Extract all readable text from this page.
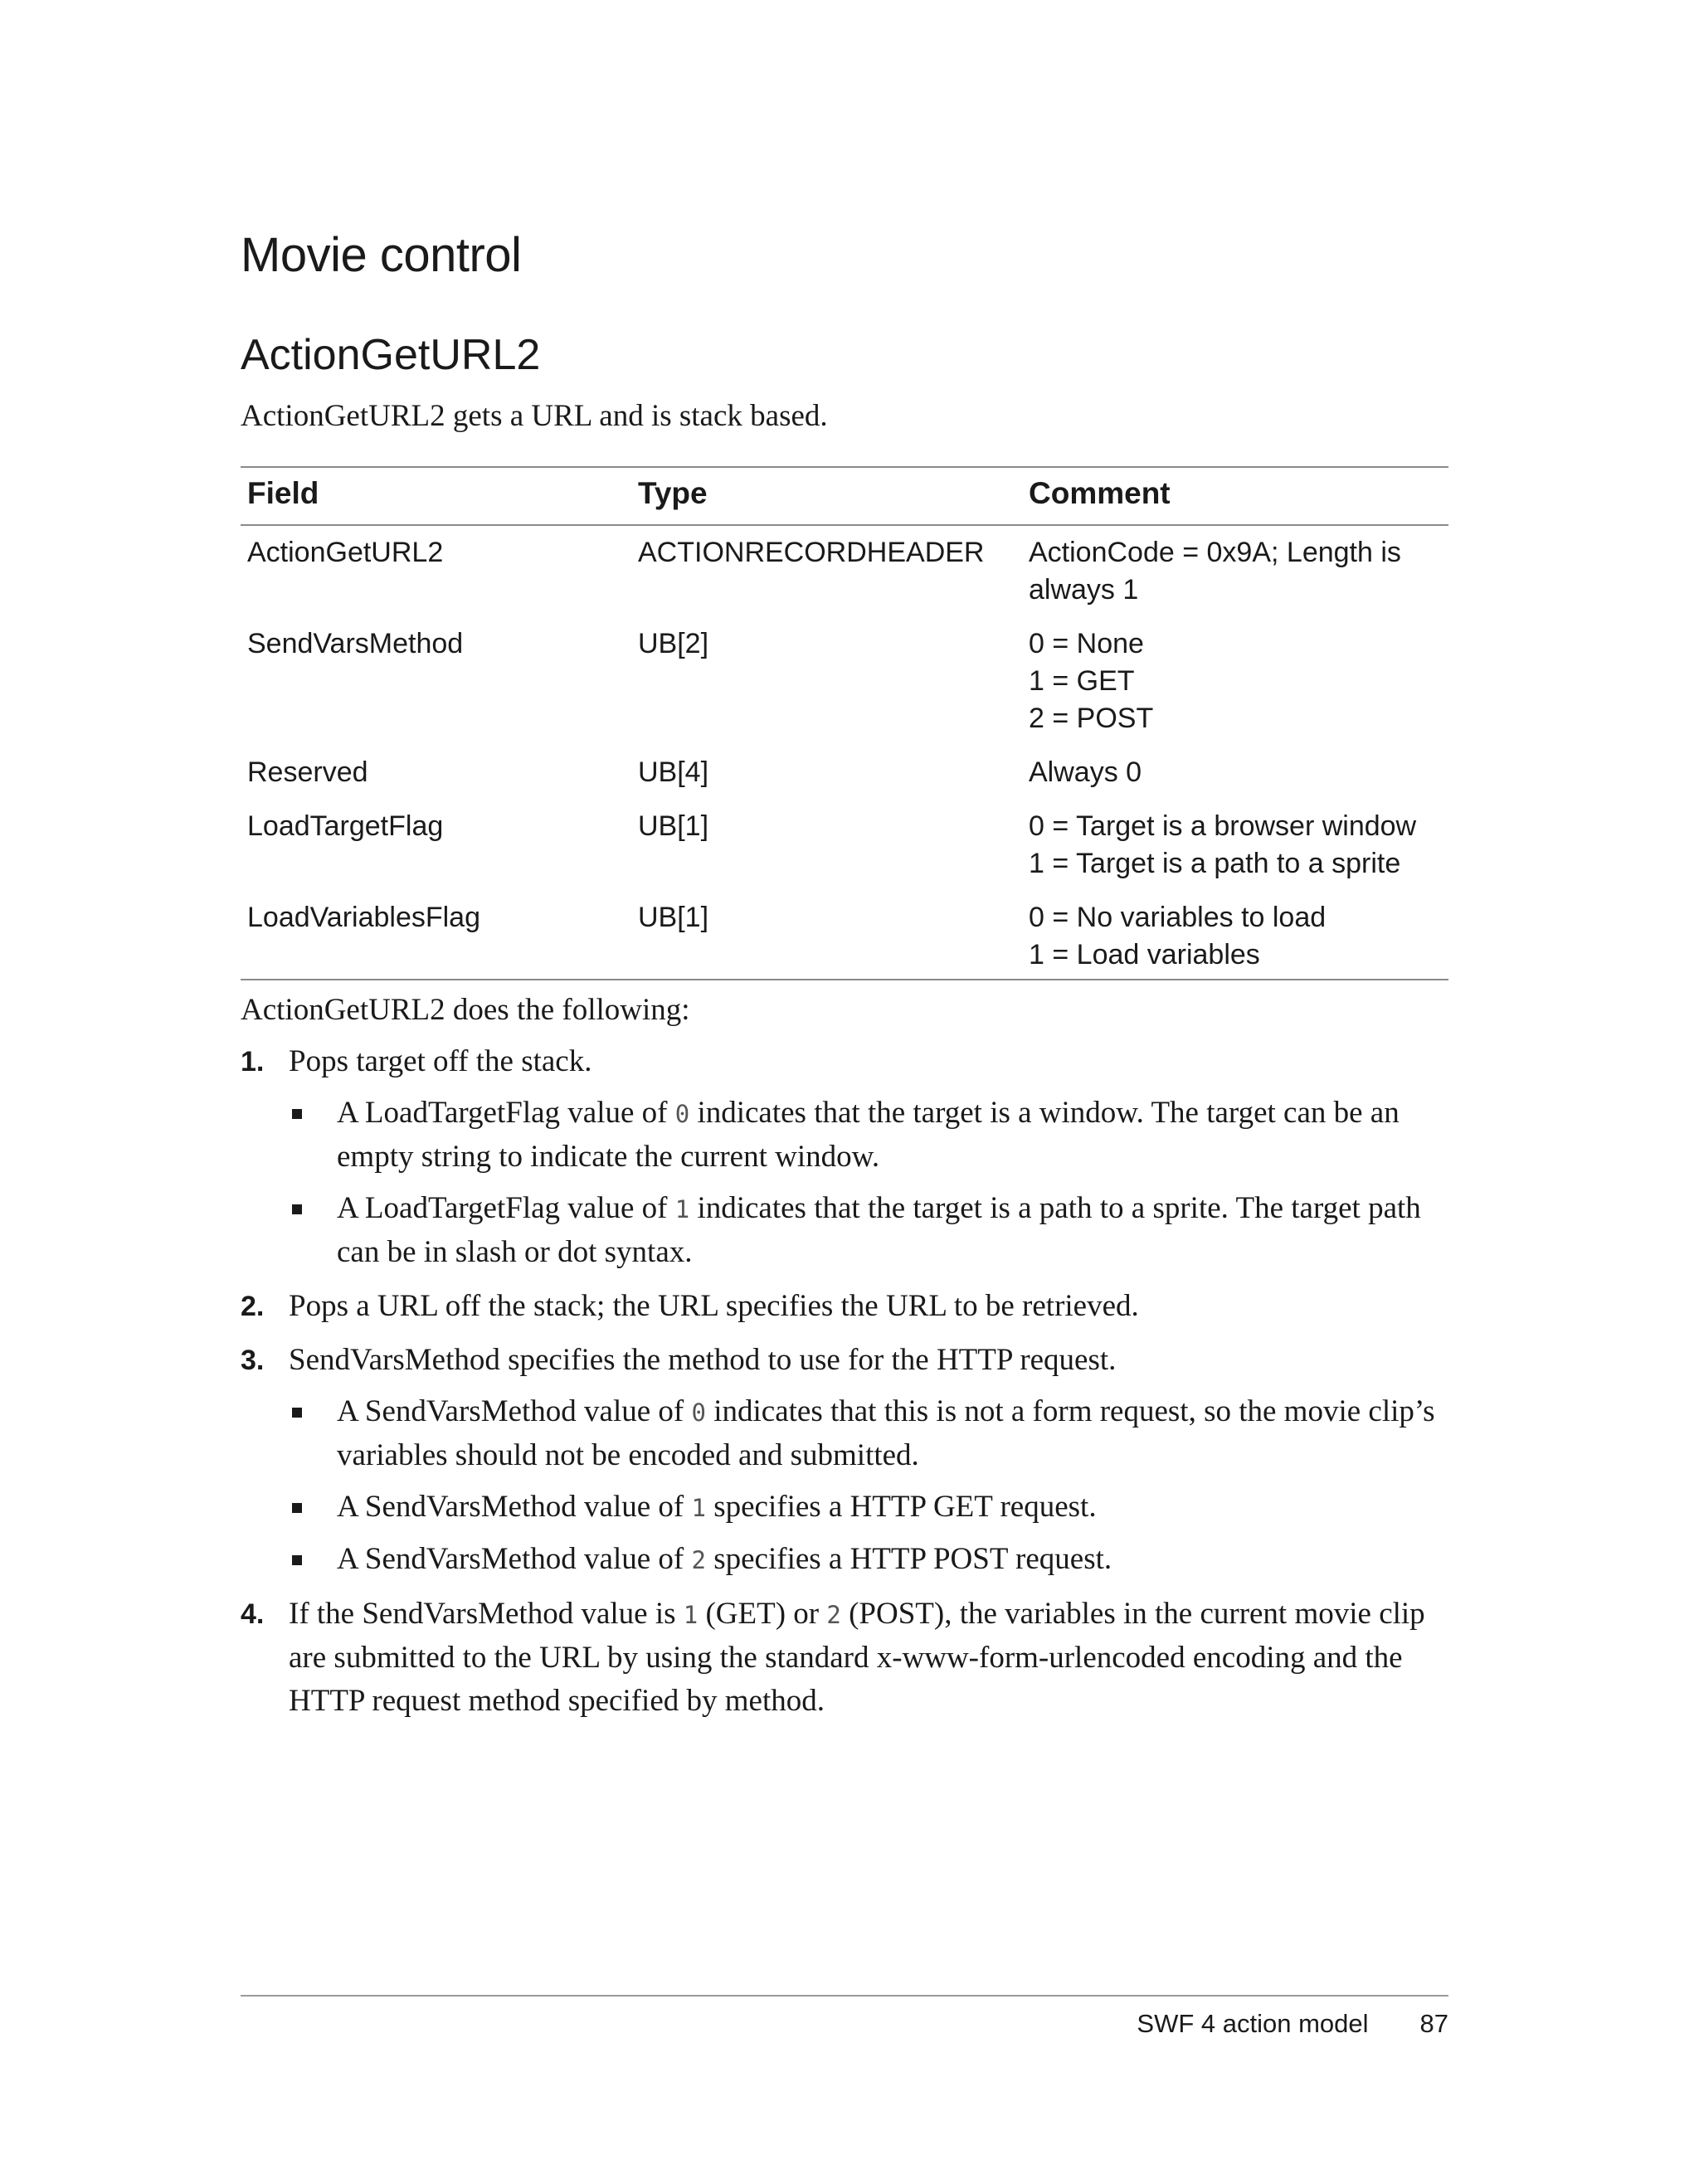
Movie control
ActionGetURL2

ActionGetURL2 gets a URL and is stack based.

Field	Type	Comment
ActionGetURL2	ACTIONRECORDHEADER	ActionCode = 0x9A; Length is
always 1

SendVarsMethod	UB[2]	0 = None
1 = GET
2 = POST

Reserved	UB[4]	Always 0

LoadTargetFlag	UB[1]	0 = Target is a browser window
1 = Target is a path to a sprite

LoadVariablesFlag	UB[1]	0 = No variables to load
1 = Load variables

ActionGetURL2 does the following:

1. Pops target off the stack.
A LoadTargetFlag value of 0 indicates that the target is a window. The target can be an empty string to indicate the current window.
A LoadTargetFlag value of 1 indicates that the target is a path to a sprite. The target path can be in slash or dot syntax.
2. Pops a URL off the stack; the URL specifies the URL to be retrieved.
3. SendVarsMethod specifies the method to use for the HTTP request.
A SendVarsMethod value of 0 indicates that this is not a form request, so the movie clip’s variables should not be encoded and submitted.
A SendVarsMethod value of 1 specifies a HTTP GET request.
A SendVarsMethod value of 2 specifies a HTTP POST request.
4. If the SendVarsMethod value is 1 (GET) or 2 (POST), the variables in the current movie clip are submitted to the URL by using the standard x-www-form-urlencoded encoding and the HTTP request method specified by method.
SWF 4 action model 87
